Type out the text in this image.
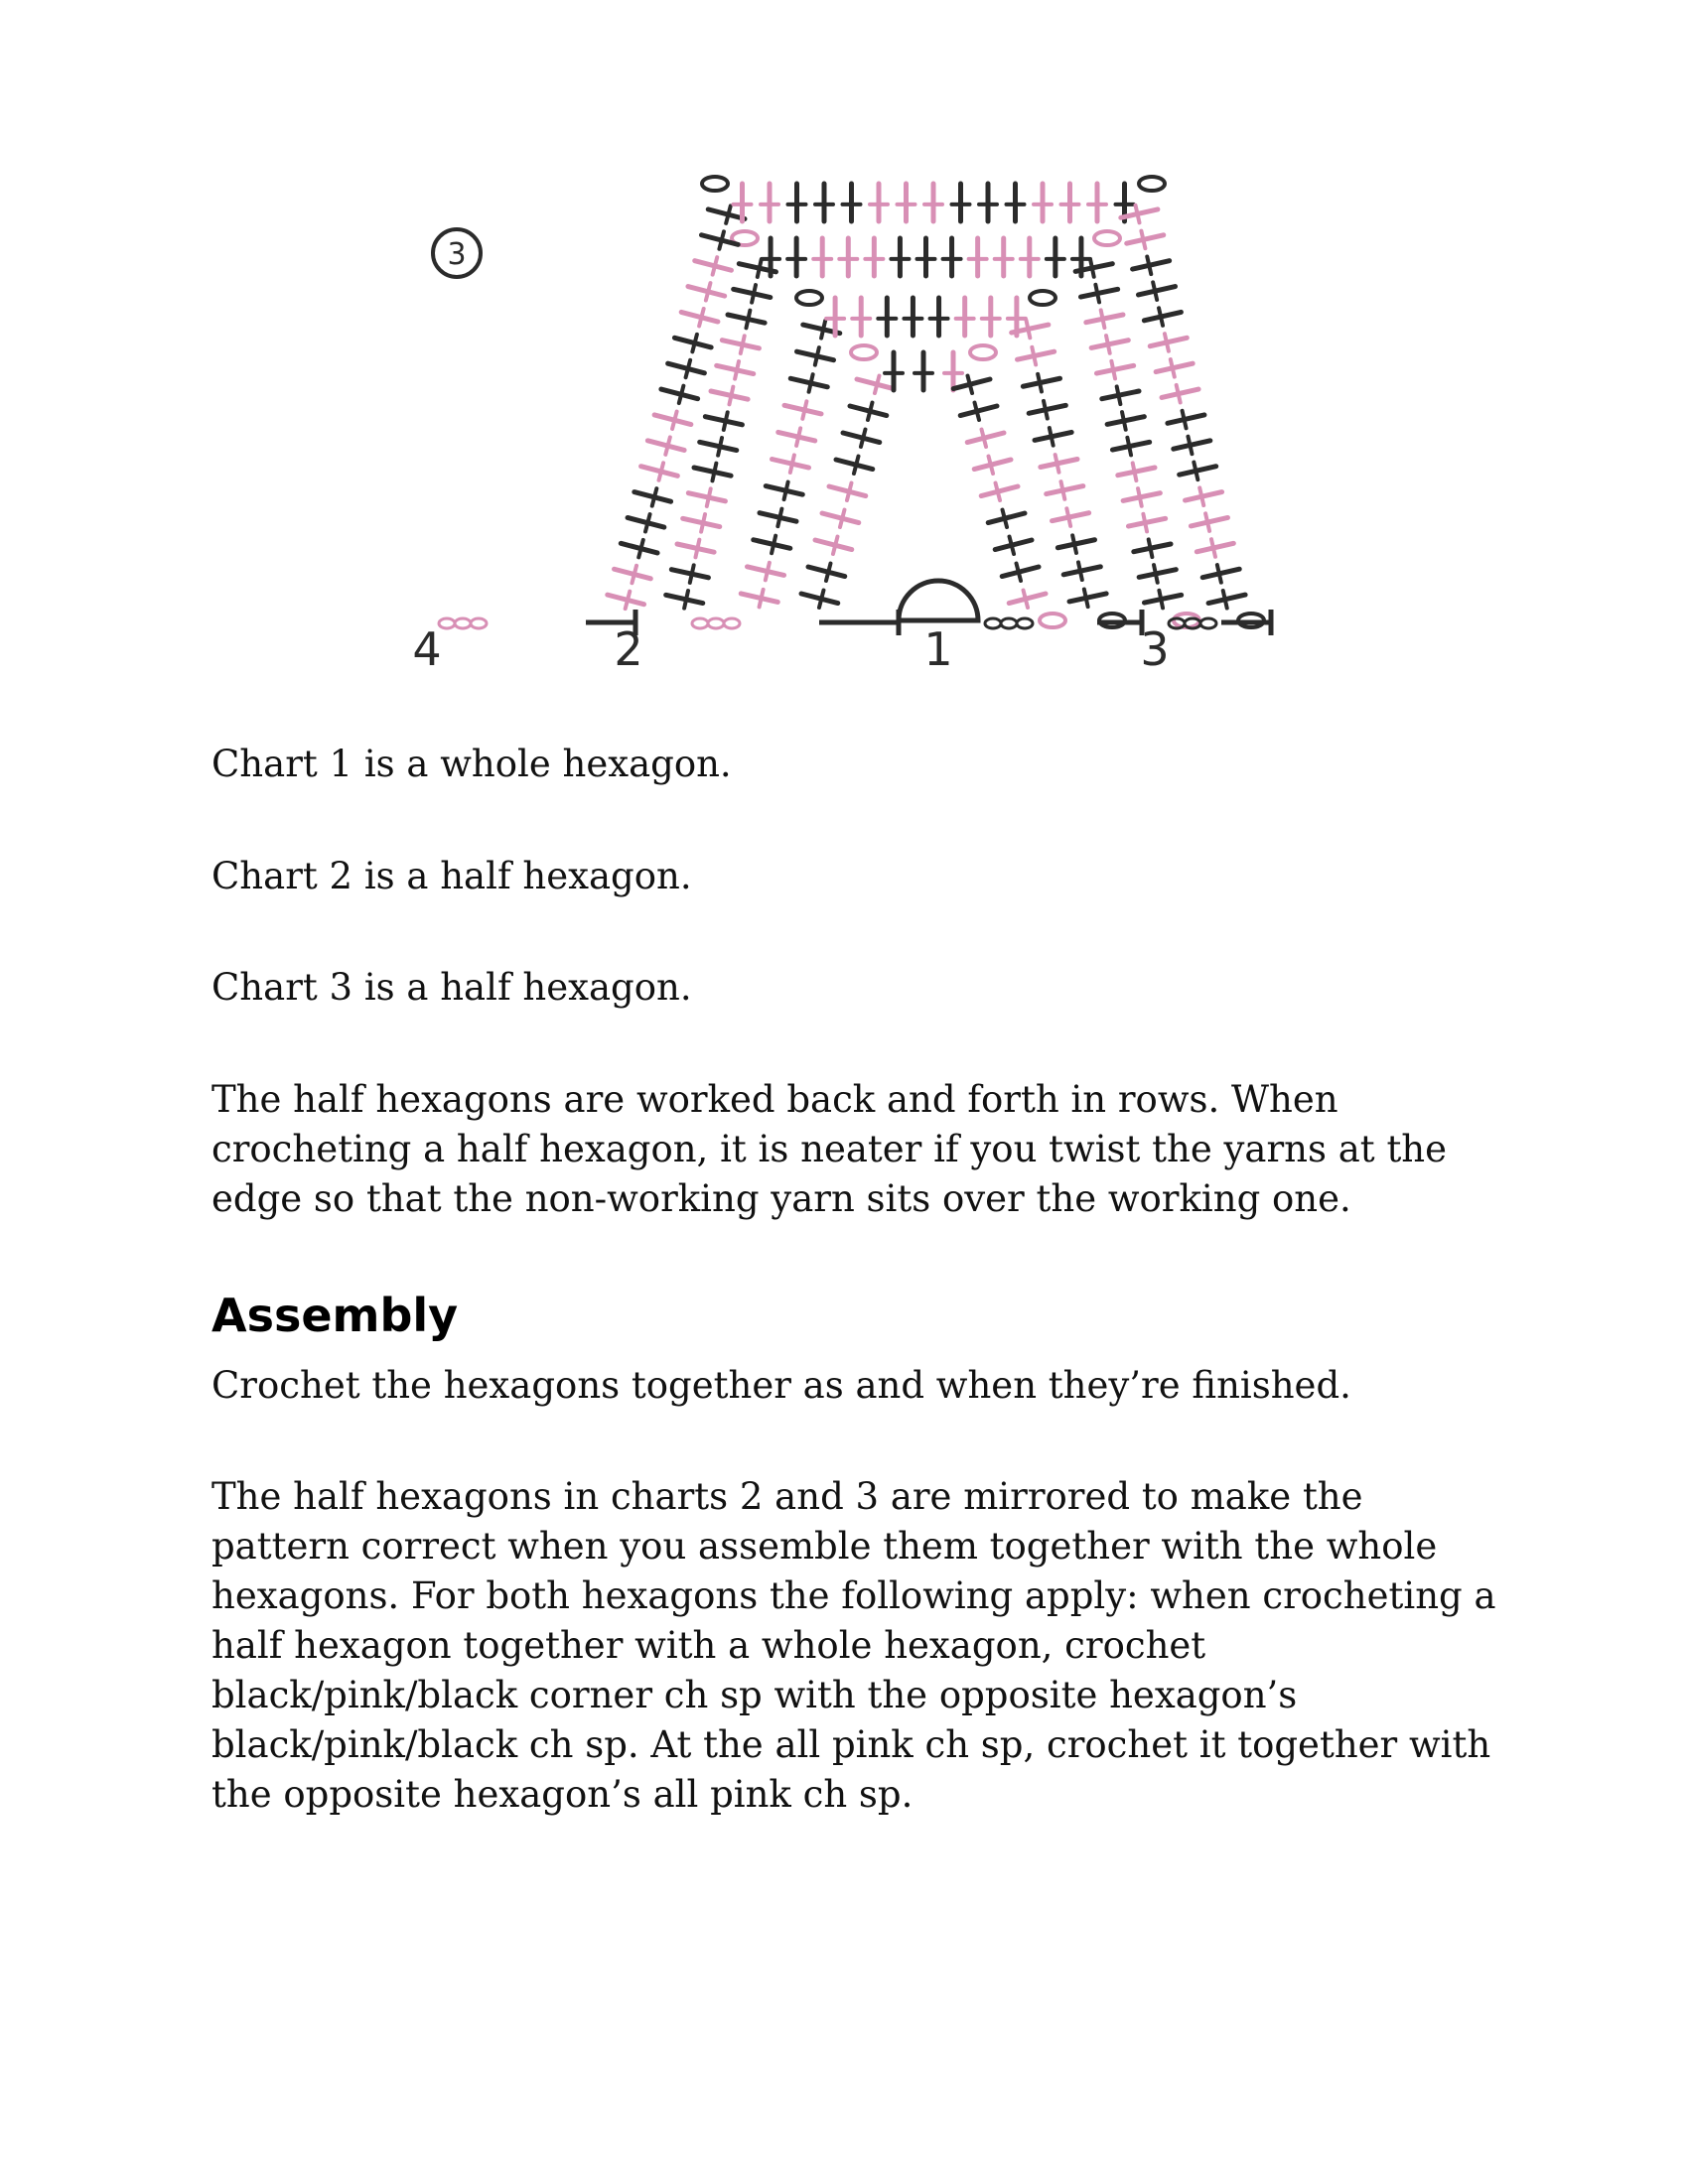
3
4	2	1	3

Chart 1 is a whole hexagon.

Chart 2 is a half hexagon.

Chart 3 is a half hexagon.

The half hexagons are worked back and forth in rows. When

crocheting a half hexagon, it is neater if you twist the yarns at the

edge so that the non-working yarn sits over the working one.

Assembly

Crochet the hexagons together as and when they’re finished.

The half hexagons in charts 2 and 3 are mirrored to make the

pattern correct when you assemble them together with the whole

hexagons. For both hexagons the following apply: when crocheting a

half hexagon together with a whole hexagon, crochet

black/pink/black corner ch sp with the opposite hexagon’s

black/pink/black ch sp. At the all pink ch sp, crochet it together with

the opposite hexagon’s all pink ch sp.
